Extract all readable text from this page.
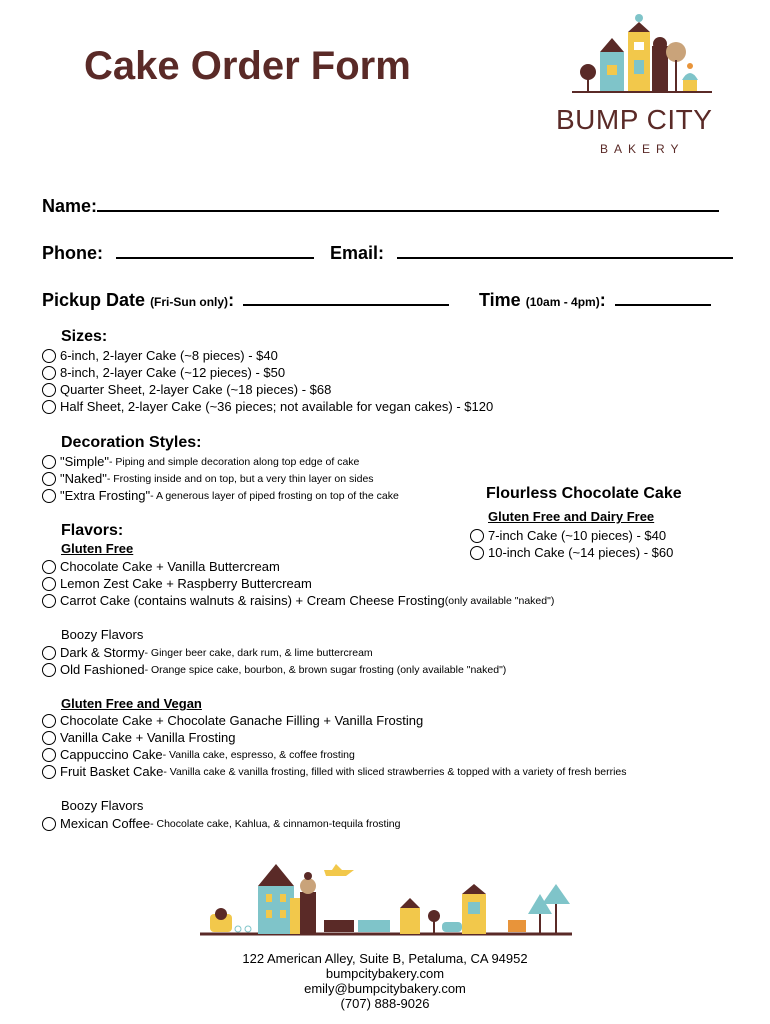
Cake Order Form
BUMP CITY
BAKERY
Name:
Phone:	Email:
Pickup Date (Fri-Sun only):	Time (10am - 4pm):
Sizes:
6-inch, 2-layer Cake (~8 pieces) - $40
8-inch, 2-layer Cake (~12 pieces) - $50
Quarter Sheet, 2-layer Cake (~18 pieces) - $68
Half Sheet, 2-layer Cake (~36 pieces; not available for vegan cakes) - $120
Decoration Styles:
"Simple" - Piping and simple decoration along top edge of cake
"Naked" - Frosting inside and on top, but a very thin layer on sides
"Extra Frosting" - A generous layer of piped frosting on top of the cake	Flourless Chocolate Cake
Gluten Free and Dairy Free
7-inch Cake (~10 pieces) - $40
10-inch Cake (~14 pieces) - $60
Flavors:
Gluten Free
Chocolate Cake + Vanilla Buttercream
Lemon Zest Cake + Raspberry Buttercream
Carrot Cake (contains walnuts & raisins) + Cream Cheese Frosting (only available "naked")
Boozy Flavors
Dark & Stormy - Ginger beer cake, dark rum, & lime buttercream
Old Fashioned - Orange spice cake, bourbon, & brown sugar frosting (only available "naked")
Gluten Free and Vegan
Chocolate Cake + Chocolate Ganache Filling + Vanilla Frosting
Vanilla Cake + Vanilla Frosting
Cappuccino Cake - Vanilla cake, espresso, & coffee frosting
Fruit Basket Cake - Vanilla cake & vanilla frosting, filled with sliced strawberries & topped with a variety of fresh berries
Boozy Flavors
Mexican Coffee - Chocolate cake, Kahlua, & cinnamon-tequila frosting
122 American Alley, Suite B, Petaluma, CA 94952
bumpcitybakery.com
emily@bumpcitybakery.com
(707) 888-9026
